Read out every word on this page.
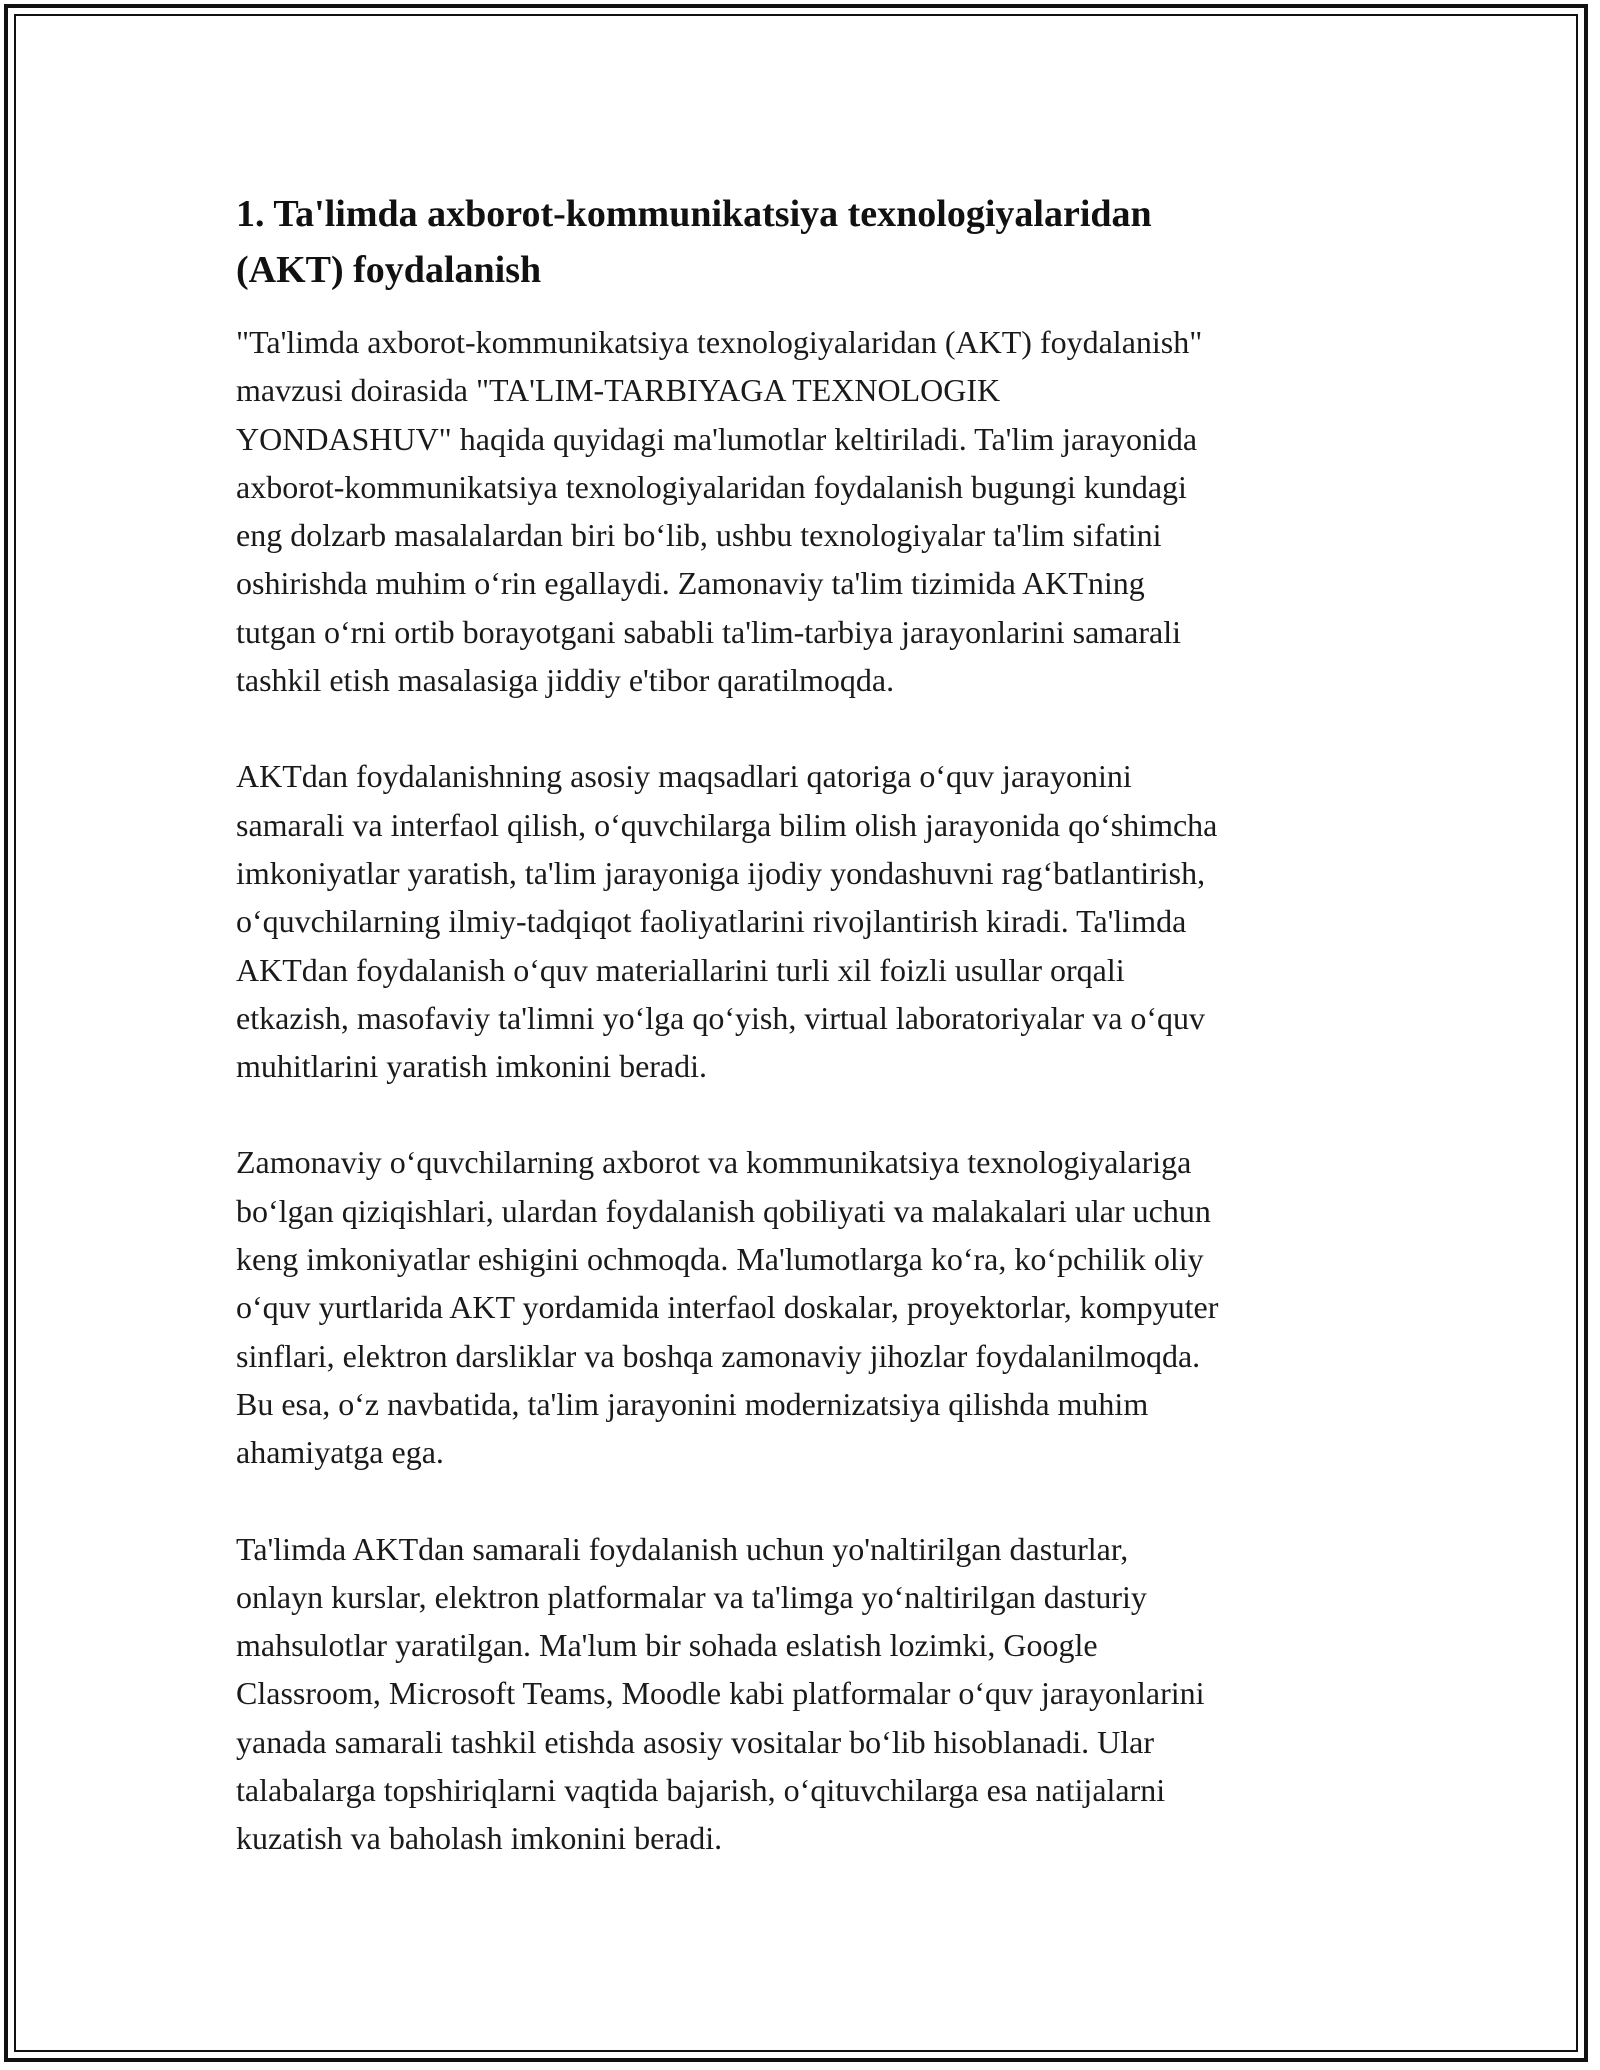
1. Ta'limda axborot-kommunikatsiya texnologiyalaridan
(AKT) foydalanish

"Ta'limda axborot-kommunikatsiya texnologiyalaridan (AKT) foydalanish"
mavzusi doirasida "TA'LIM-TARBIYAGA TEXNOLOGIK
YONDASHUV" haqida quyidagi ma'lumotlar keltiriladi. Ta'lim jarayonida
axborot-kommunikatsiya texnologiyalaridan foydalanish bugungi kundagi
eng dolzarb masalalardan biri bo‘lib, ushbu texnologiyalar ta'lim sifatini
oshirishda muhim o‘rin egallaydi. Zamonaviy ta'lim tizimida AKTning
tutgan o‘rni ortib borayotgani sababli ta'lim-tarbiya jarayonlarini samarali
tashkil etish masalasiga jiddiy e'tibor qaratilmoqda.

AKTdan foydalanishning asosiy maqsadlari qatoriga o‘quv jarayonini
samarali va interfaol qilish, o‘quvchilarga bilim olish jarayonida qo‘shimcha
imkoniyatlar yaratish, ta'lim jarayoniga ijodiy yondashuvni rag‘batlantirish,
o‘quvchilarning ilmiy-tadqiqot faoliyatlarini rivojlantirish kiradi. Ta'limda
AKTdan foydalanish o‘quv materiallarini turli xil foizli usullar orqali
etkazish, masofaviy ta'limni yo‘lga qo‘yish, virtual laboratoriyalar va o‘quv
muhitlarini yaratish imkonini beradi.

Zamonaviy o‘quvchilarning axborot va kommunikatsiya texnologiyalariga
bo‘lgan qiziqishlari, ulardan foydalanish qobiliyati va malakalari ular uchun
keng imkoniyatlar eshigini ochmoqda. Ma'lumotlarga ko‘ra, ko‘pchilik oliy
o‘quv yurtlarida AKT yordamida interfaol doskalar, proyektorlar, kompyuter
sinflari, elektron darsliklar va boshqa zamonaviy jihozlar foydalanilmoqda.
Bu esa, o‘z navbatida, ta'lim jarayonini modernizatsiya qilishda muhim
ahamiyatga ega.

Ta'limda AKTdan samarali foydalanish uchun yo'naltirilgan dasturlar,
onlayn kurslar, elektron platformalar va ta'limga yo‘naltirilgan dasturiy
mahsulotlar yaratilgan. Ma'lum bir sohada eslatish lozimki, Google
Classroom, Microsoft Teams, Moodle kabi platformalar o‘quv jarayonlarini
yanada samarali tashkil etishda asosiy vositalar bo‘lib hisoblanadi. Ular
talabalarga topshiriqlarni vaqtida bajarish, o‘qituvchilarga esa natijalarni
kuzatish va baholash imkonini beradi.
